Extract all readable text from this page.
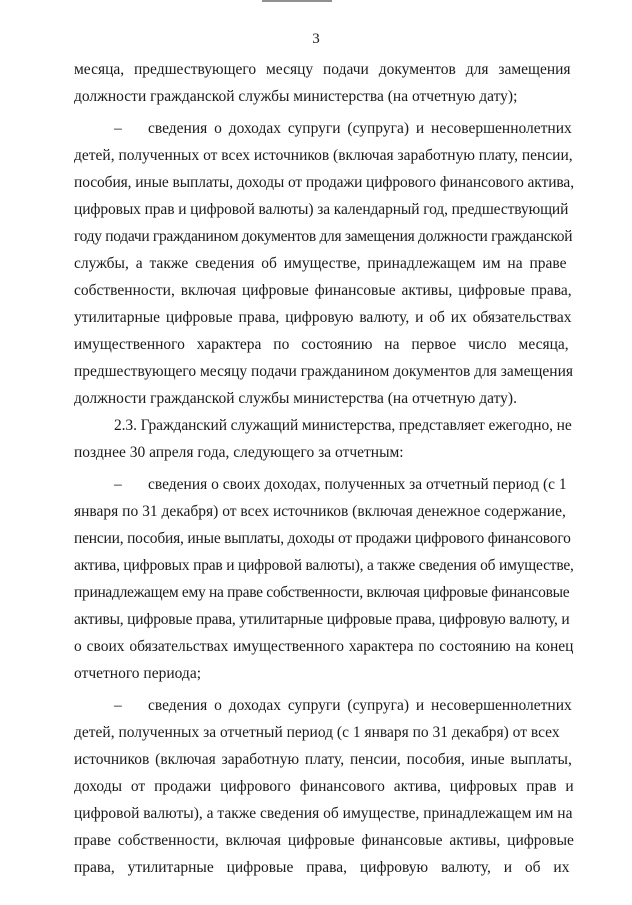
3
месяца, предшествующего месяцу подачи документов для замещения
должности гражданской службы министерства (на отчетную дату);
–	сведения о доходах супруги (супруга) и несовершеннолетних
детей, полученных от всех источников (включая заработную плату, пенсии,
пособия, иные выплаты, доходы от продажи цифрового финансового актива,
цифровых прав и цифровой валюты) за календарный год, предшествующий
году подачи гражданином документов для замещения должности гражданской
службы, а также сведения об имуществе, принадлежащем им на праве
собственности, включая цифровые финансовые активы, цифровые права,
утилитарные цифровые права, цифровую валюту, и об их обязательствах
имущественного характера по состоянию на первое число месяца,
предшествующего месяцу подачи гражданином документов для замещения
должности гражданской службы министерства (на отчетную дату).
2.3. Гражданский служащий министерства, представляет ежегодно, не
позднее 30 апреля года, следующего за отчетным:
–	сведения о своих доходах, полученных за отчетный период (с 1
января по 31 декабря) от всех источников (включая денежное содержание,
пенсии, пособия, иные выплаты, доходы от продажи цифрового финансового
актива, цифровых прав и цифровой валюты), а также сведения об имуществе,
принадлежащем ему на праве собственности, включая цифровые финансовые
активы, цифровые права, утилитарные цифровые права, цифровую валюту, и
о своих обязательствах имущественного характера по состоянию на конец
отчетного периода;
–	сведения о доходах супруги (супруга) и несовершеннолетних
детей, полученных за отчетный период (с 1 января по 31 декабря) от всех
источников (включая заработную плату, пенсии, пособия, иные выплаты,
доходы от продажи цифрового финансового актива, цифровых прав и
цифровой валюты), а также сведения об имуществе, принадлежащем им на
праве собственности, включая цифровые финансовые активы, цифровые
права, утилитарные цифровые права, цифровую валюту, и об их
